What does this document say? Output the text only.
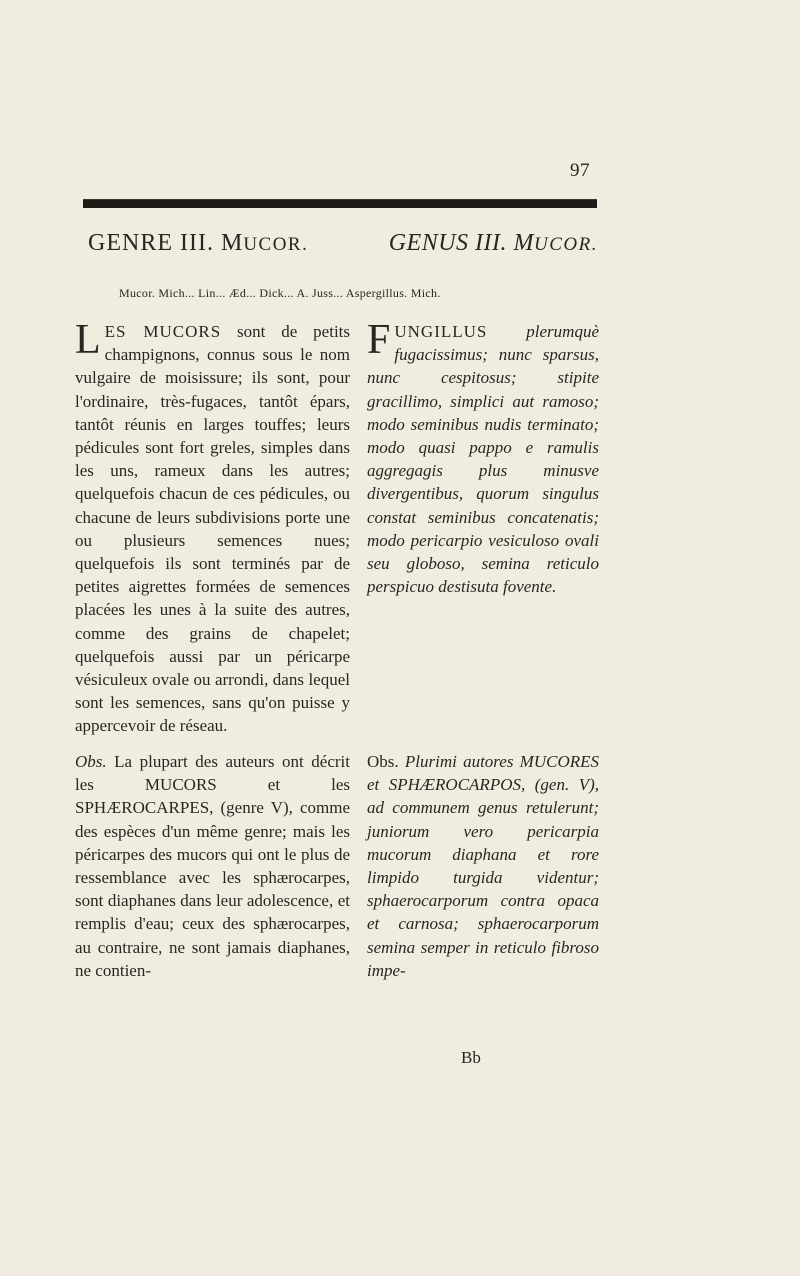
97
GENRE III. MUCOR.	GENUS III. MUCOR.
Mucor. Mich... Lin... Æd... Dick... A. Juss... Aspergillus. Mich.

LES MUCORS sont de petits champignons, connus sous le nom vulgaire de moisissure; ils sont, pour l'ordinaire, très-fugaces, tantôt épars, tantôt réunis en larges touffes; leurs pédicules sont fort greles, simples dans les uns, rameux dans les autres; quelquefois chacun de ces pédicules, ou chacune de leurs subdivisions porte une ou plusieurs semences nues; quelquefois ils sont terminés par de petites aigrettes formées de semences placées les unes à la suite des autres, comme des grains de chapelet; quelquefois aussi par un péricarpe vésiculeux ovale ou arrondi, dans lequel sont les semences, sans qu'on puisse y appercevoir de réseau.

FUNGILLUS plerumquè fugacissimus; nunc sparsus, nunc cespitosus; stipite gracillimo, simplici aut ramoso; modo seminibus nudis terminato; modo quasi pappo e ramulis aggregagis plus minusve divergentibus, quorum singulus constat seminibus concatenatis; modo pericarpio vesiculoso ovali seu globoso, semina reticulo perspicuo destisuta fovente.

Obs. La plupart des auteurs ont décrit les MUCORS et les SPHÆROCARPES, (genre V), comme des espèces d'un même genre; mais les péricarpes des mucors qui ont le plus de ressemblance avec les sphærocarpes, sont diaphanes dans leur adolescence, et remplis d'eau; ceux des sphærocarpes, au contraire, ne sont jamais diaphanes, ne contien-

Obs. Plurimi autores MUCORES et SPHÆROCARPOS, (gen. V), ad communem genus retulerunt; juniorum vero pericarpia mucorum diaphana et rore limpido turgida videntur; sphaerocarporum contra opaca et carnosa; sphaerocarporum semina semper in reticulo fibroso impe-

Bb
